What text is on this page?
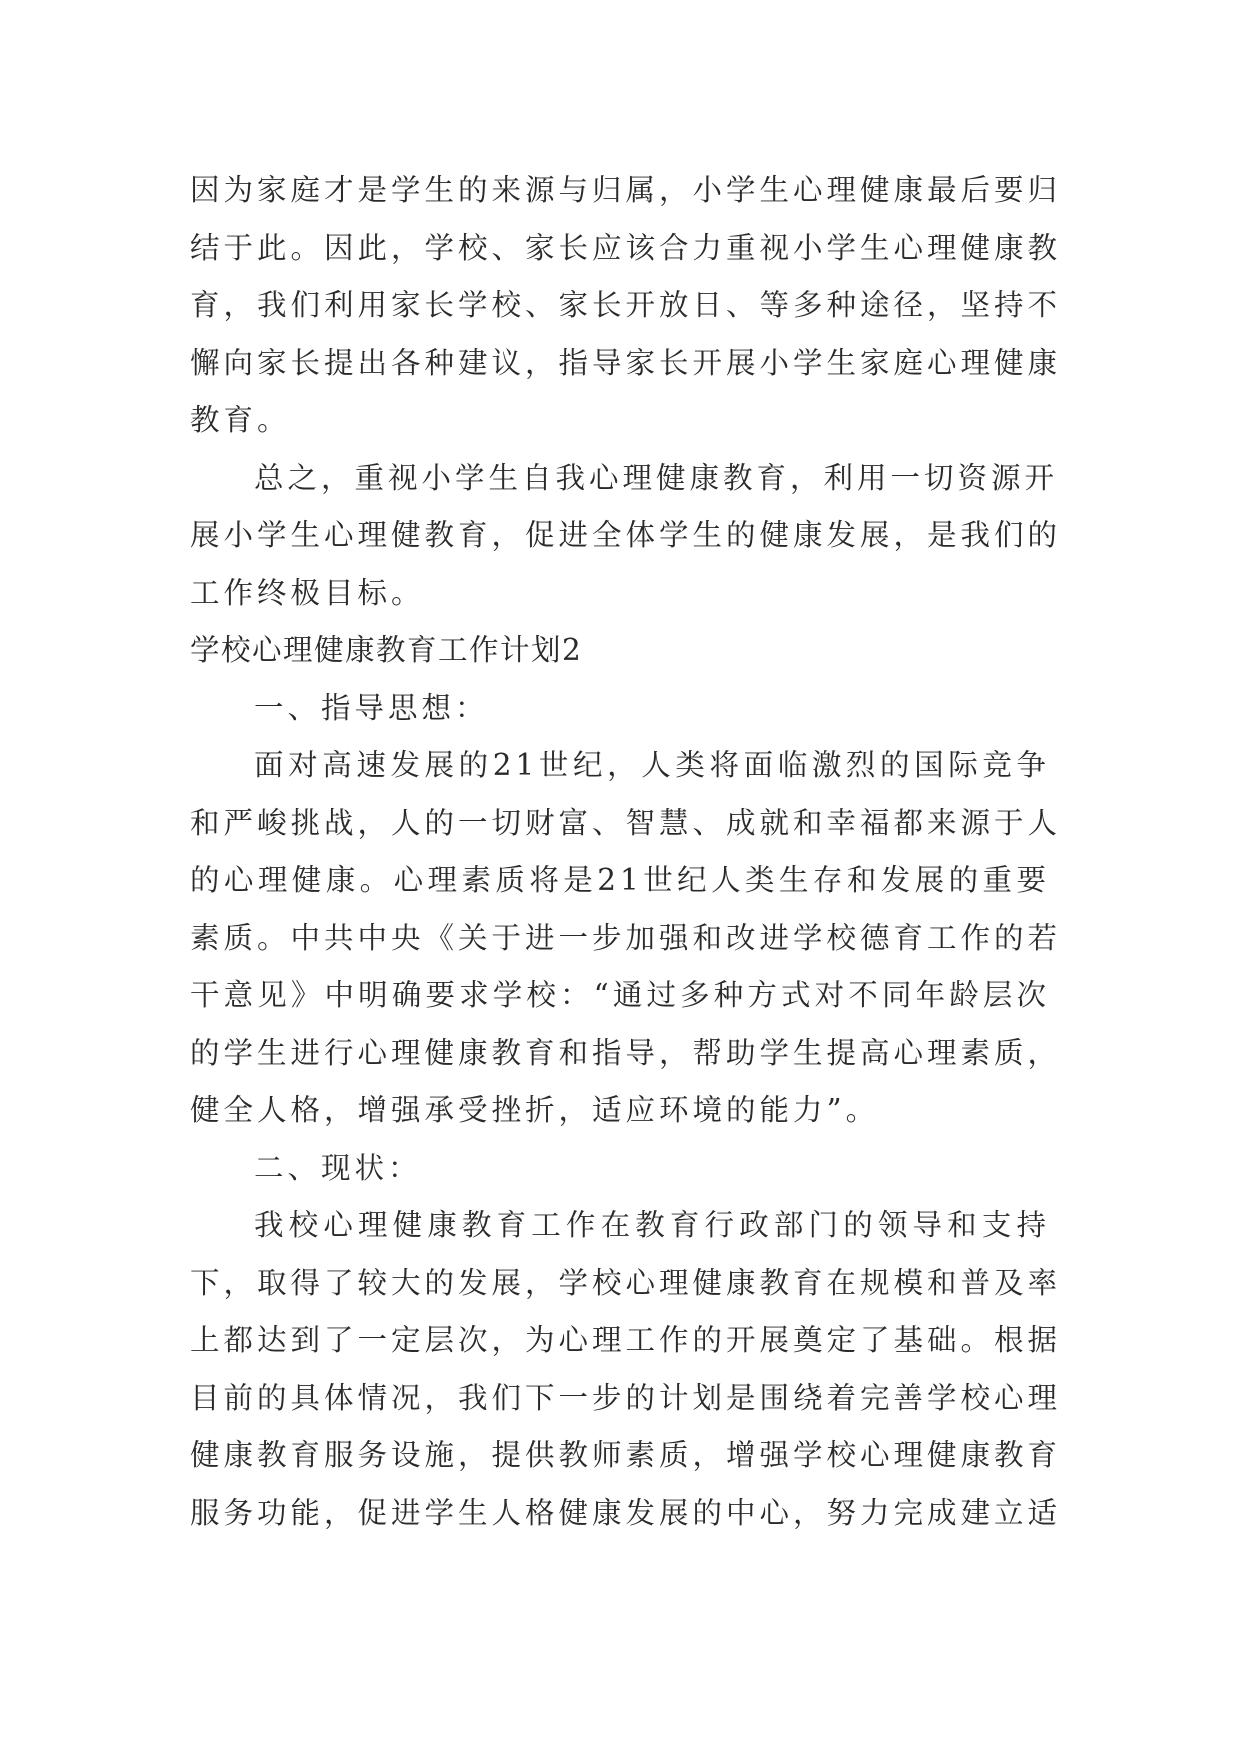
因为家庭才是学生的来源与归属，小学生心理健康最后要归
结于此。因此，学校、家长应该合力重视小学生心理健康教
育，我们利用家长学校、家长开放日、等多种途径，坚持不
懈向家长提出各种建议，指导家长开展小学生家庭心理健康
教育。
总之，重视小学生自我心理健康教育，利用一切资源开
展小学生心理健教育，促进全体学生的健康发展，是我们的
工作终极目标。
学校心理健康教育工作计划2
一、指导思想：
面对高速发展的21世纪，人类将面临激烈的国际竞争
和严峻挑战，人的一切财富、智慧、成就和幸福都来源于人
的心理健康。心理素质将是21世纪人类生存和发展的重要
素质。中共中央《关于进一步加强和改进学校德育工作的若
干意见》中明确要求学校：“通过多种方式对不同年龄层次
的学生进行心理健康教育和指导，帮助学生提高心理素质，
健全人格，增强承受挫折，适应环境的能力”。
二、现状：
我校心理健康教育工作在教育行政部门的领导和支持
下，取得了较大的发展，学校心理健康教育在规模和普及率
上都达到了一定层次，为心理工作的开展奠定了基础。根据
目前的具体情况，我们下一步的计划是围绕着完善学校心理
健康教育服务设施，提供教师素质，增强学校心理健康教育
服务功能，促进学生人格健康发展的中心，努力完成建立适
